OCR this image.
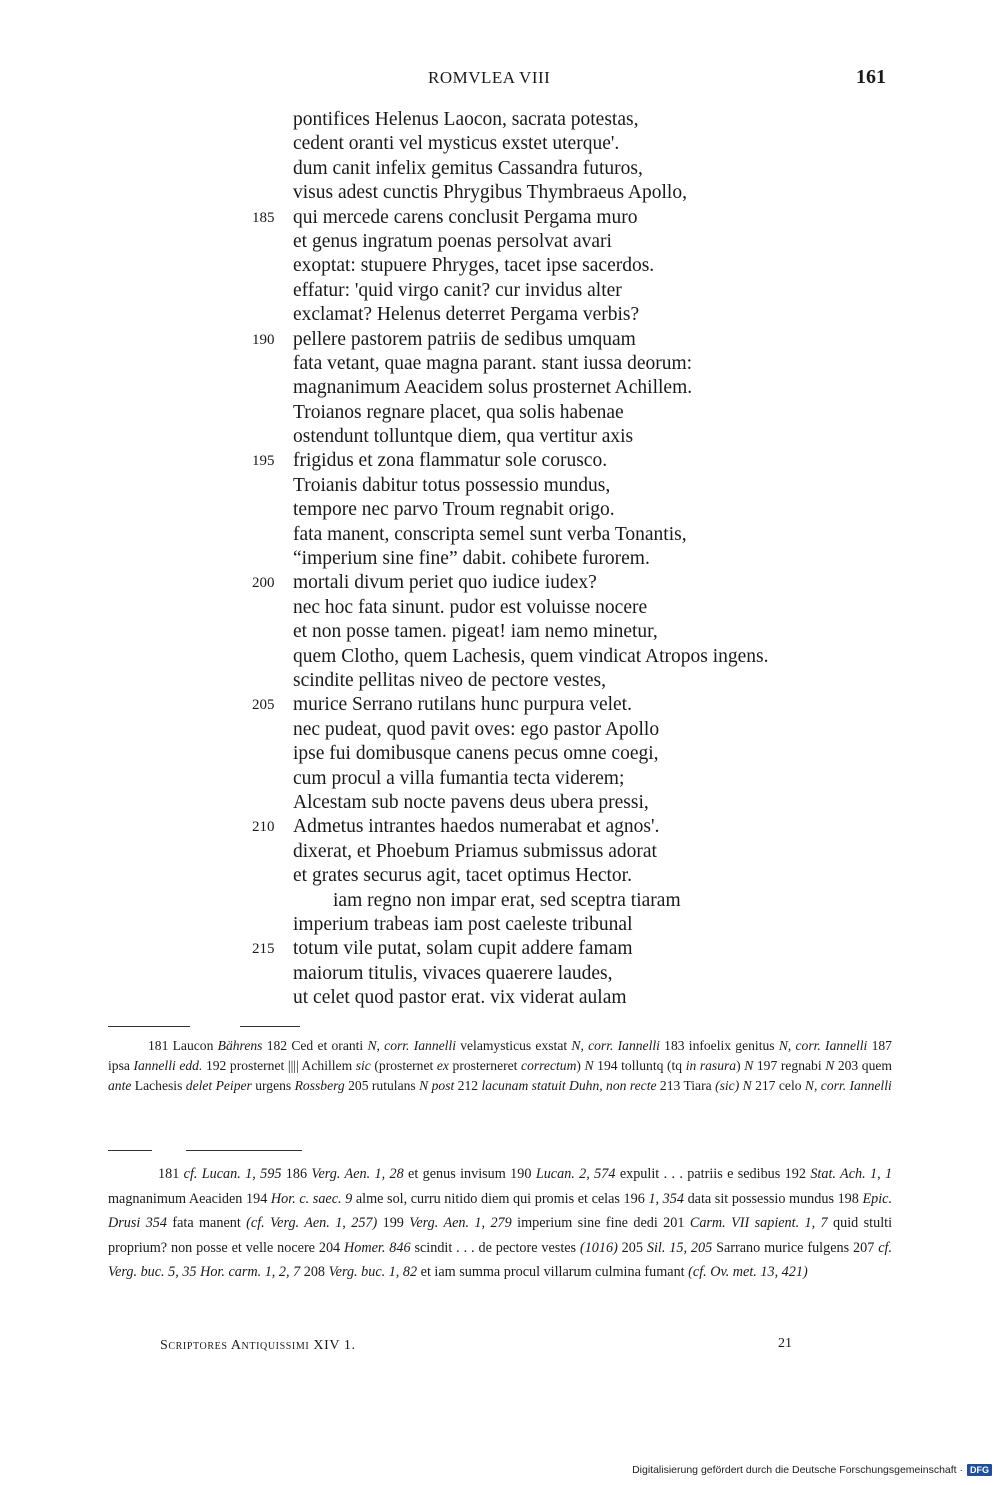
ROMVLEA VIII	161
pontifices Helenus Laocon, sacrata potestas,
cedent oranti vel mysticus exstet uterque'.
dum canit infelix gemitus Cassandra futuros,
visus adest cunctis Phrygibus Thymbraeus Apollo,
185 qui mercede carens conclusit Pergama muro
et genus ingratum poenas persolvat avari
exoptat: stupuere Phryges, tacet ipse sacerdos.
effatur: 'quid virgo canit? cur invidus alter
exclamat? Helenus deterret Pergama verbis?
190 pellere pastorem patriis de sedibus umquam
fata vetant, quae magna parant. stant iussa deorum:
magnanimum Aeacidem solus prosternet Achillem.
Troianos regnare placet, qua solis habenae
ostendunt tolluntque diem, qua vertitur axis
195 frigidus et zona flammatur sole corusco.
Troianis dabitur totus possessio mundus,
tempore nec parvo Troum regnabit origo.
fata manent, conscripta semel sunt verba Tonantis,
“imperium sine fine” dabit. cohibete furorem.
200 mortali divum periet quo iudice iudex?
nec hoc fata sinunt. pudor est voluisse nocere
et non posse tamen. pigeat! iam nemo minetur,
quem Clotho, quem Lachesis, quem vindicat Atropos ingens.
scindite pellitas niveo de pectore vestes,
205 murice Serrano rutilans hunc purpura velet.
nec pudeat, quod pavit oves: ego pastor Apollo
ipse fui domibusque canens pecus omne coegi,
cum procul a villa fumantia tecta viderem;
Alcestam sub nocte pavens deus ubera pressi,
210 Admetus intrantes haedos numerabat et agnos'.
dixerat, et Phoebum Priamus submissus adorat
et grates securus agit, tacet optimus Hector.
iam regno non impar erat, sed sceptra tiaram
imperium trabeas iam post caeleste tribunal
215 totum vile putat, solam cupit addere famam
maiorum titulis, vivaces quaerere laudes,
ut celet quod pastor erat. vix viderat aulam
181 Laucon Bährens 182 Ced et oranti N, corr. Iannelli velamysticus exstat N, corr. Iannelli 183 infoelix genitus N, corr. Iannelli 187 ipsa Iannelli edd. 192 prosternet |||| Achillem sic (prosternet ex prosterneret correctum) N 194 tolluntq (tq in rasura) N 197 regnabi N 203 quem ante Lachesis delet Peiper urgens Rossberg 205 rutulans N post 212 lacunam statuit Duhn, non recte 213 Tiara (sic) N 217 celo N, corr. Iannelli
181 cf. Lucan. 1, 595 186 Verg. Aen. 1, 28 et genus invisum 190 Lucan. 2, 574 expulit . . . patriis e sedibus 192 Stat. Ach. 1, 1 magnanimum Aeaciden 194 Hor. c. saec. 9 alme sol, curru nitido diem qui promis et celas 196 1, 354 data sit possessio mundus 198 Epic. Drusi 354 fata manent (cf. Verg. Aen. 1, 257) 199 Verg. Aen. 1, 279 imperium sine fine dedi 201 Carm. VII sapient. 1, 7 quid stulti proprium? non posse et velle nocere 204 Homer. 846 scindit . . . de pectore vestes (1016) 205 Sil. 15, 205 Sarrano murice fulgens 207 cf. Verg. buc. 5, 35 Hor. carm. 1, 2, 7 208 Verg. buc. 1, 82 et iam summa procul villarum culmina fumant (cf. Ov. met. 13, 421)
Scriptores Antiquissimi XIV 1.	21
Digitalisierung gefördert durch die Deutsche Forschungsgemeinschaft · DFG
